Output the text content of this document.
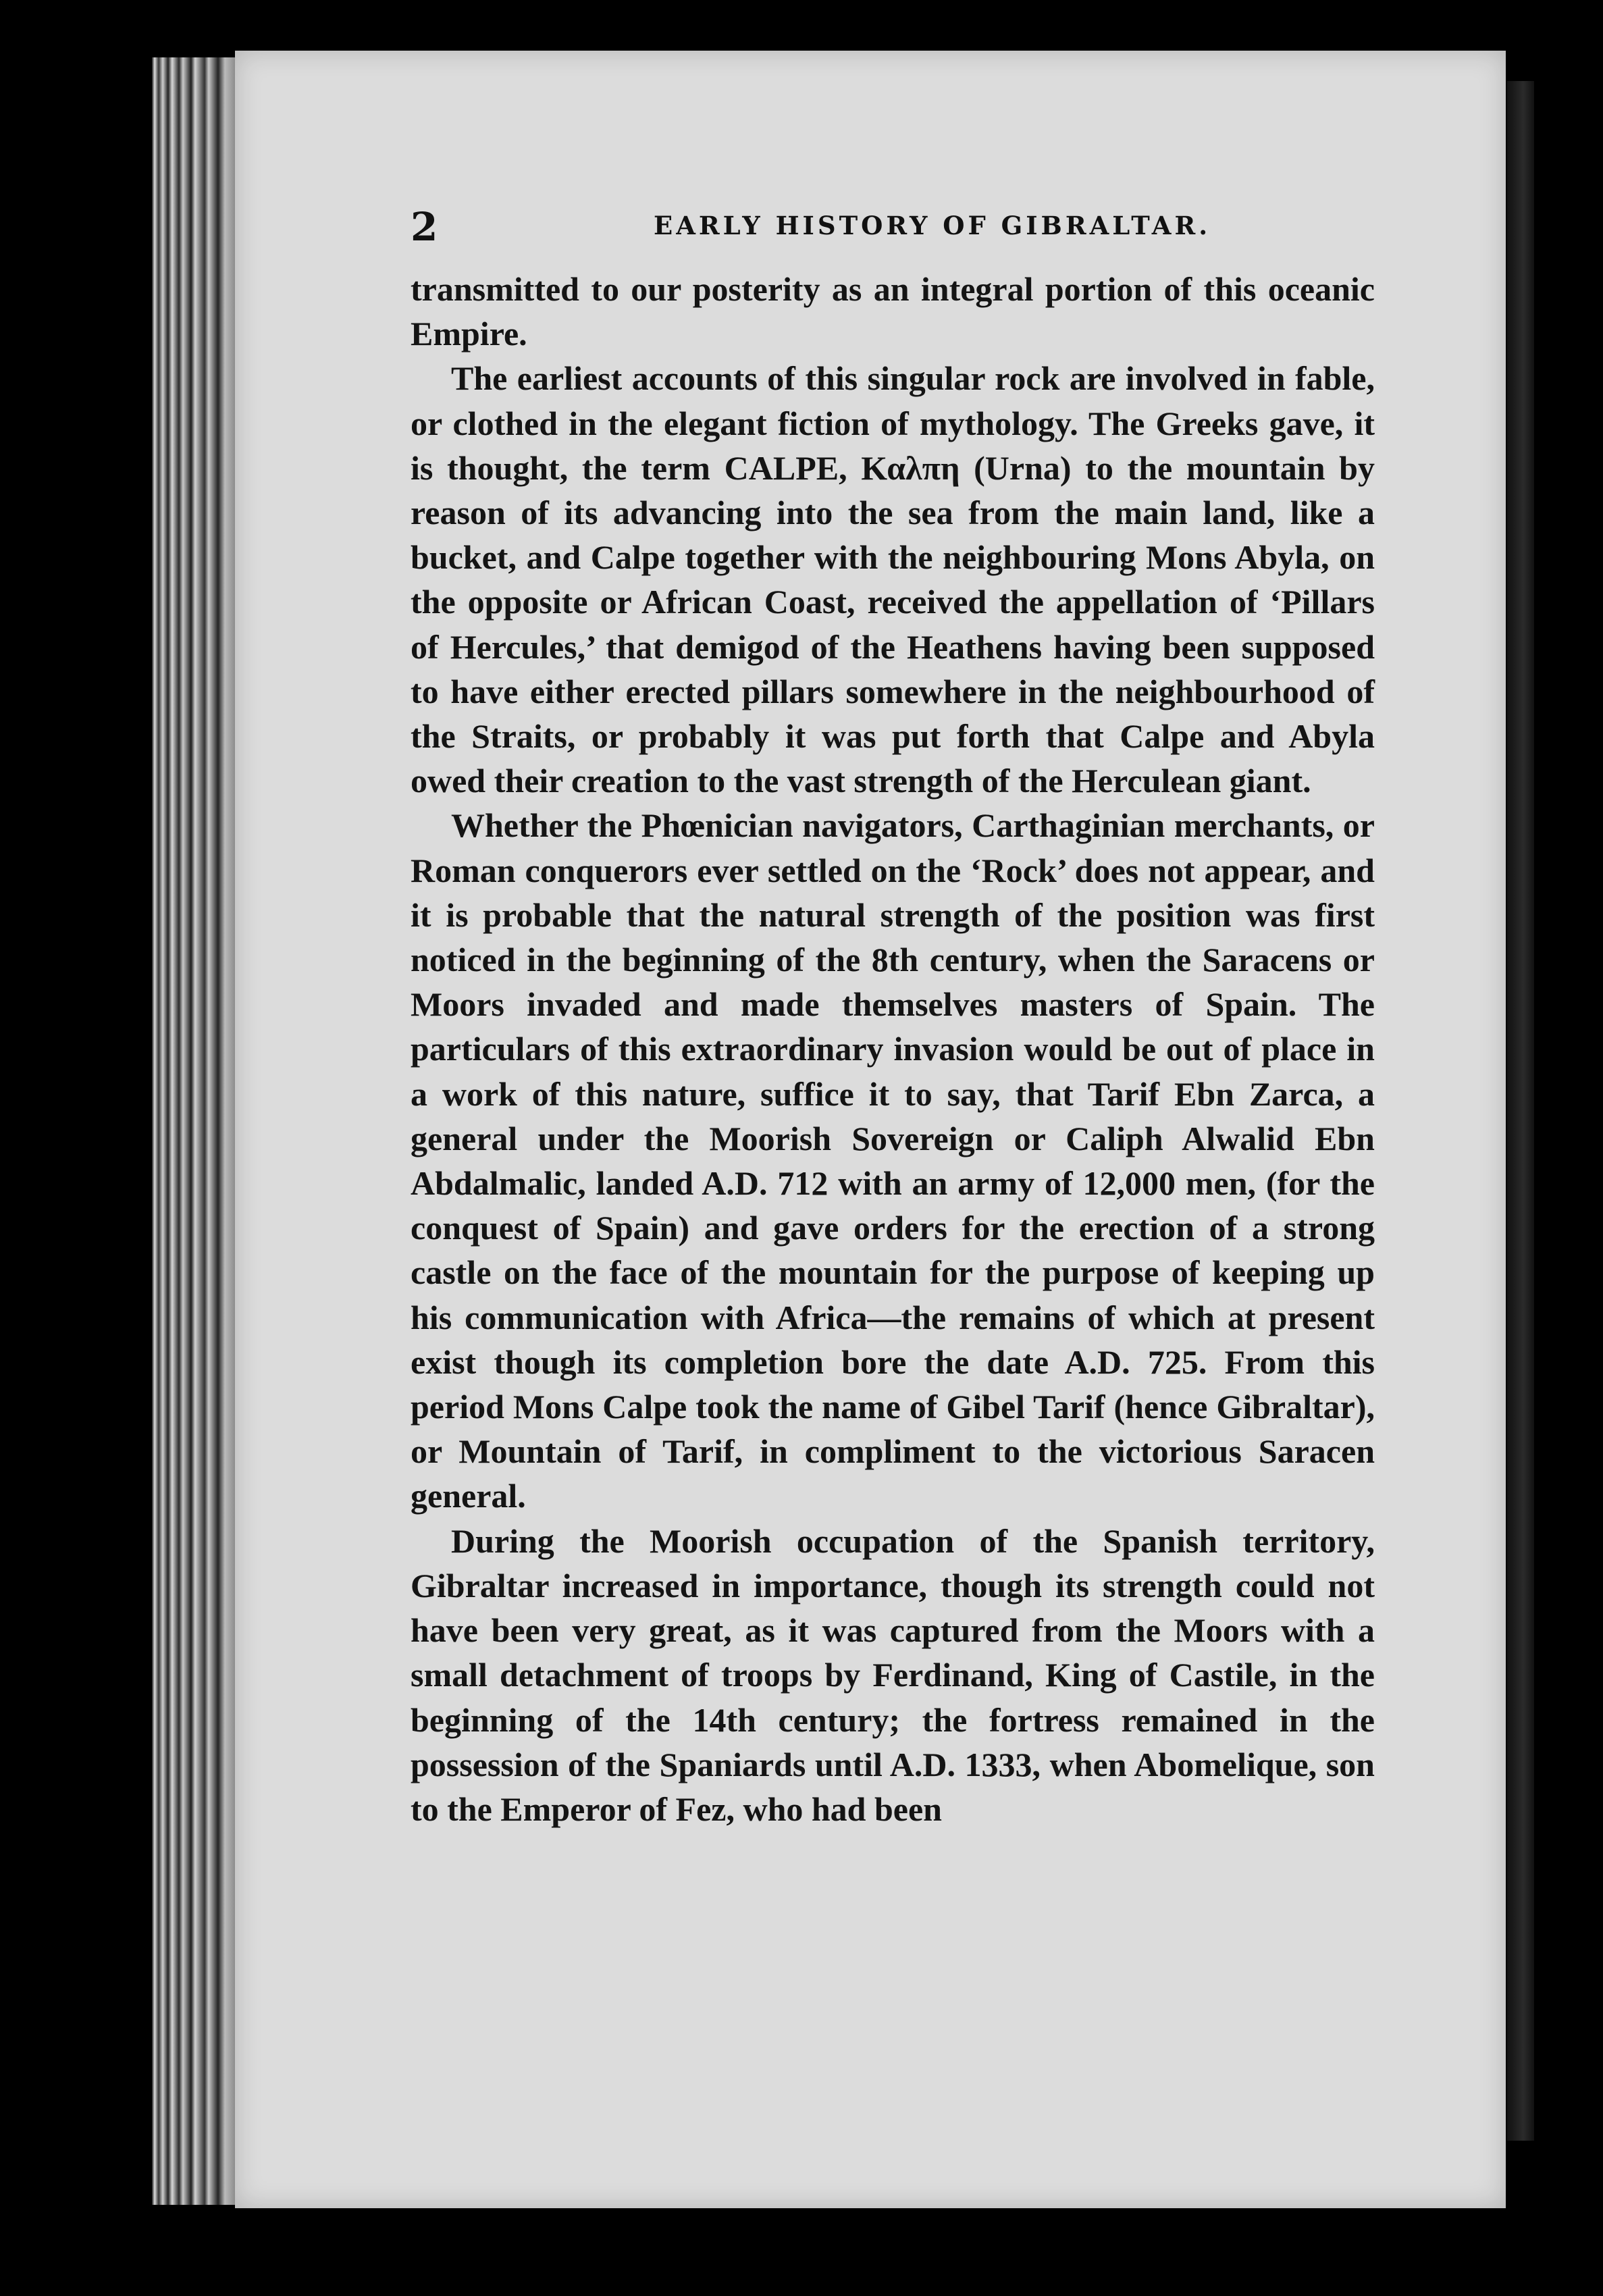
2	EARLY HISTORY OF GIBRALTAR.

transmitted to our posterity as an integral portion of this oceanic Empire.

The earliest accounts of this singular rock are involved in fable, or clothed in the elegant fiction of mythology. The Greeks gave, it is thought, the term CALPE, Καλπη (Urna) to the mountain by reason of its advancing into the sea from the main land, like a bucket, and Calpe together with the neighbouring Mons Abyla, on the opposite or African Coast, received the appellation of ‘Pillars of Hercules,’ that demigod of the Heathens having been supposed to have either erected pillars somewhere in the neighbourhood of the Straits, or probably it was put forth that Calpe and Abyla owed their creation to the vast strength of the Herculean giant.

Whether the Phœnician navigators, Carthaginian merchants, or Roman conquerors ever settled on the ‘Rock’ does not appear, and it is probable that the natural strength of the position was first noticed in the beginning of the 8th century, when the Saracens or Moors invaded and made themselves masters of Spain. The particulars of this extraordinary invasion would be out of place in a work of this nature, suffice it to say, that Tarif Ebn Zarca, a general under the Moorish Sovereign or Caliph Alwalid Ebn Abdalmalic, landed A.D. 712 with an army of 12,000 men, (for the conquest of Spain) and gave orders for the erection of a strong castle on the face of the mountain for the purpose of keeping up his communication with Africa—the remains of which at present exist though its completion bore the date A.D. 725. From this period Mons Calpe took the name of Gibel Tarif (hence Gibraltar), or Mountain of Tarif, in compliment to the victorious Saracen general.

During the Moorish occupation of the Spanish territory, Gibraltar increased in importance, though its strength could not have been very great, as it was captured from the Moors with a small detachment of troops by Ferdinand, King of Castile, in the beginning of the 14th century; the fortress remained in the possession of the Spaniards until A.D. 1333, when Abomelique, son to the Emperor of Fez, who had been
